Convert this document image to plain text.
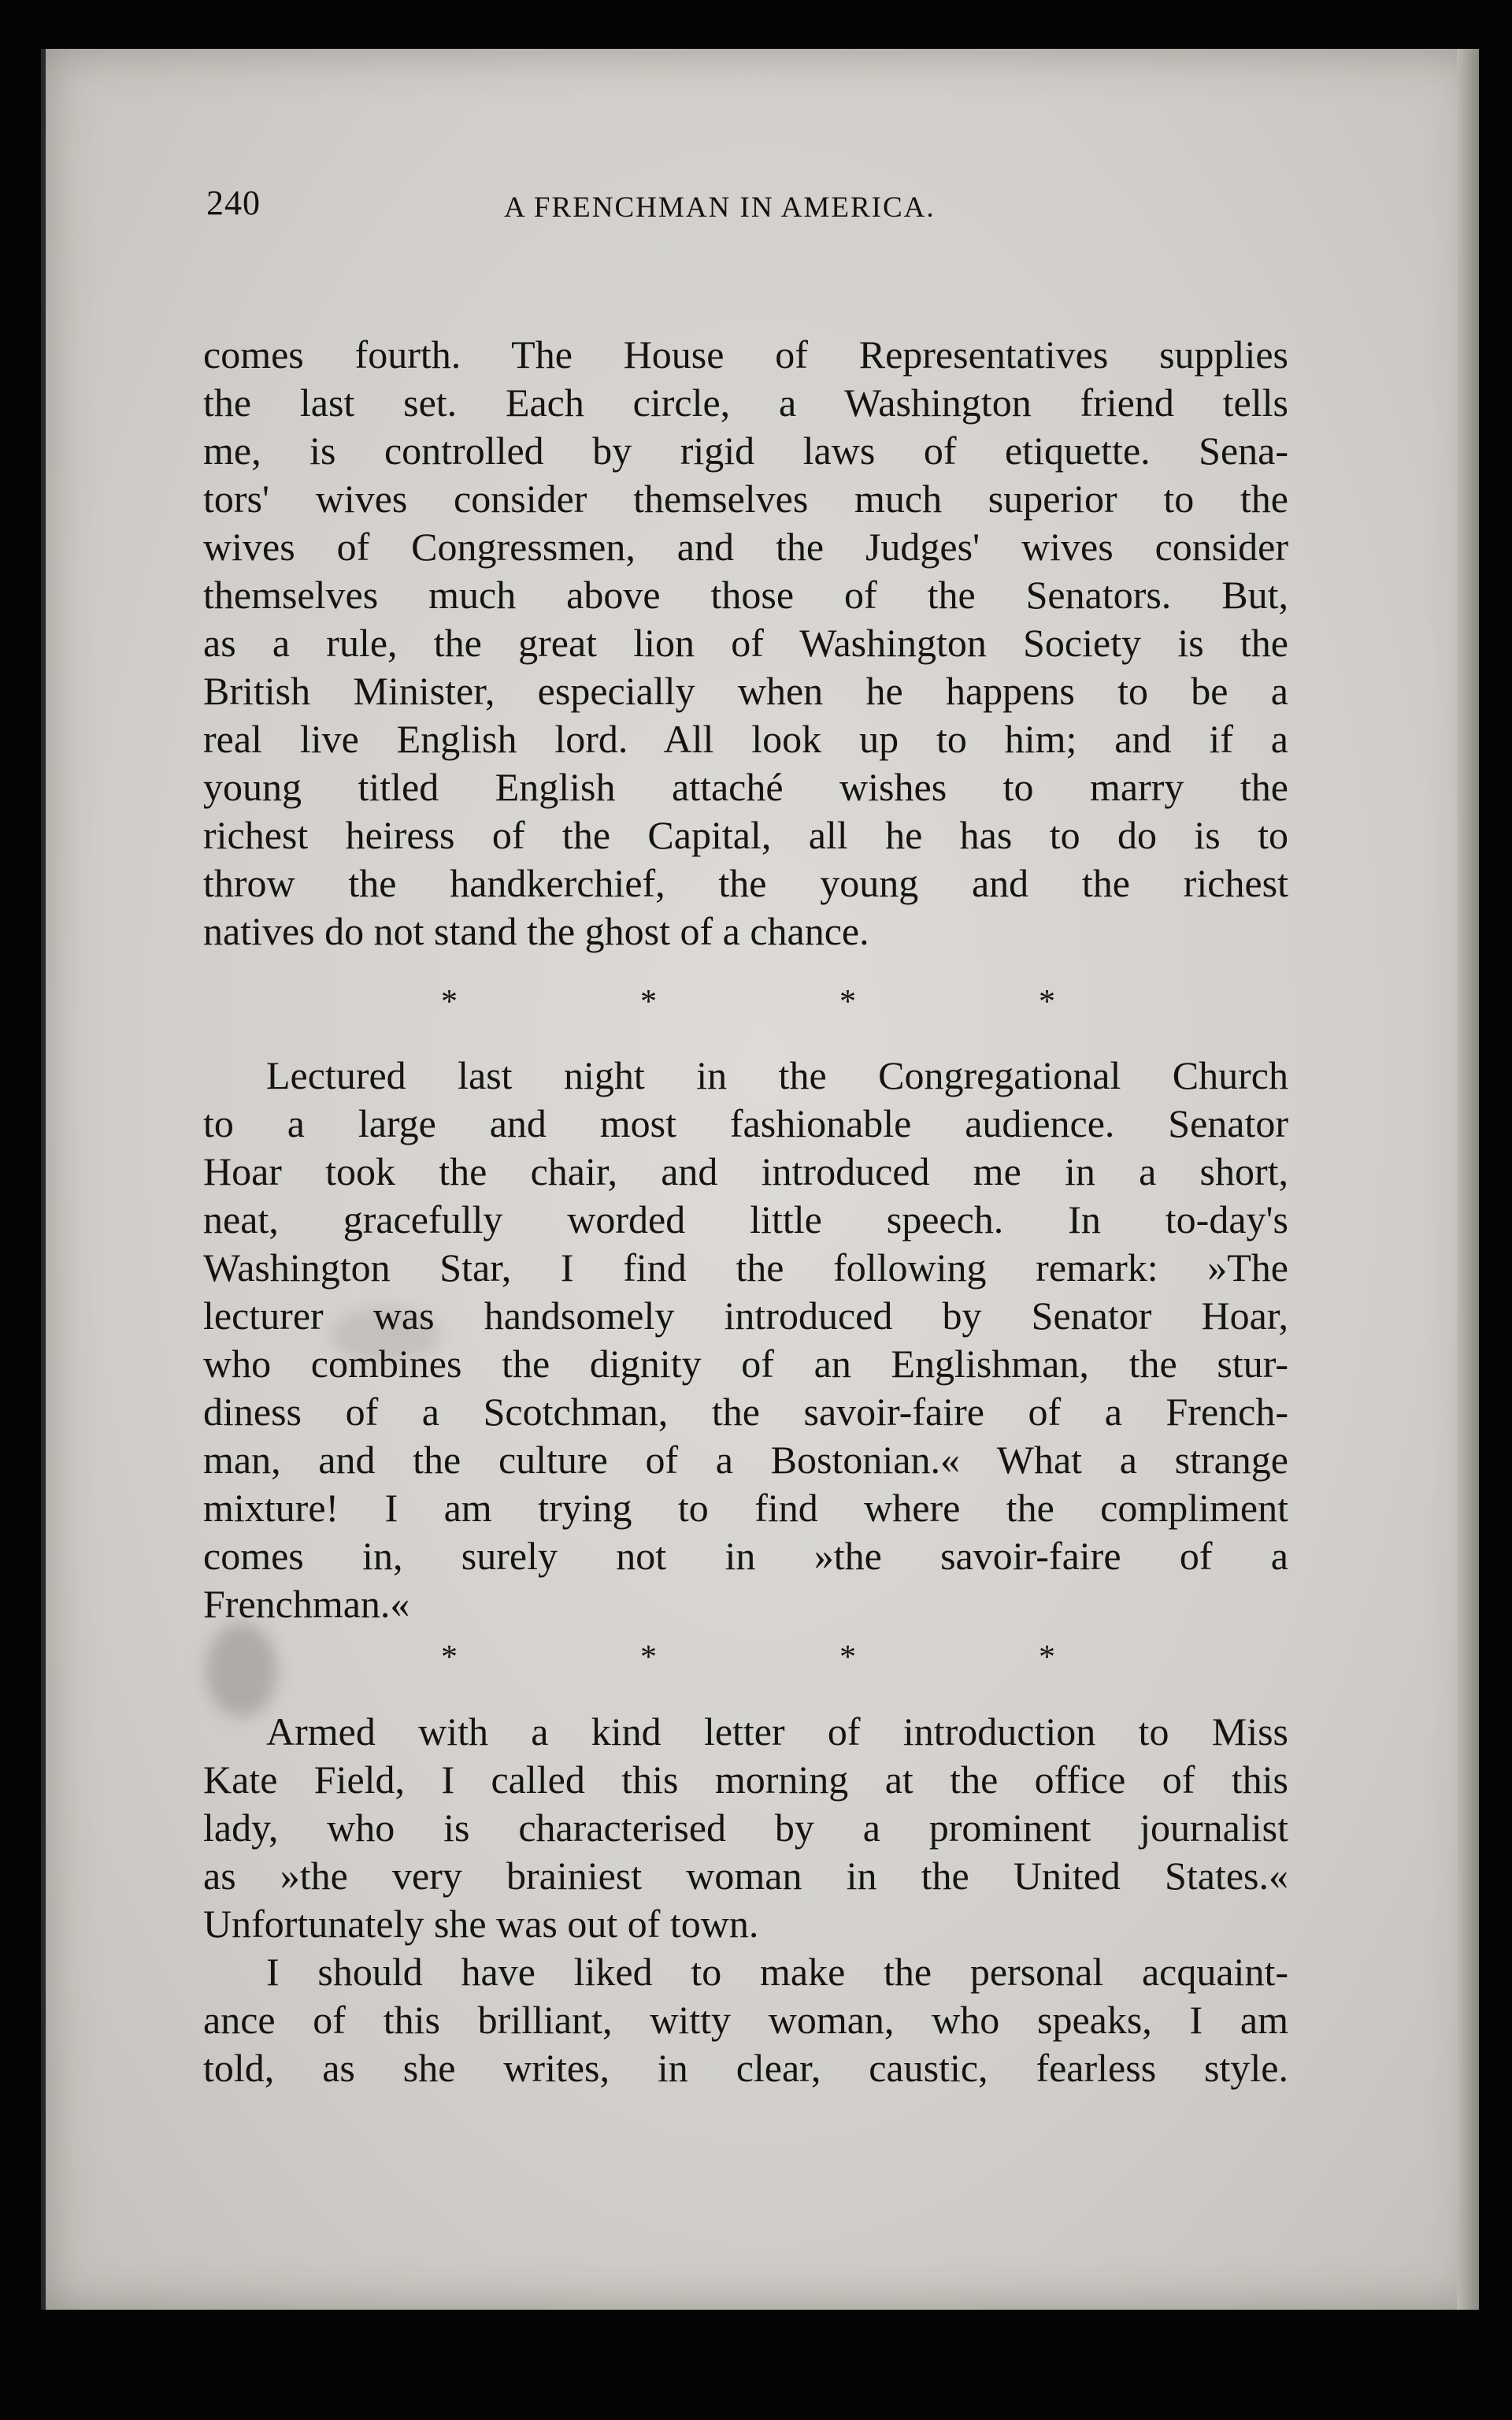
240	A FRENCHMAN IN AMERICA.
comes fourth. The House of Representatives supplies
the last set. Each circle, a Washington friend tells
me, is controlled by rigid laws of etiquette. Sena-
tors' wives consider themselves much superior to the
wives of Congressmen, and the Judges' wives consider
themselves much above those of the Senators. But,
as a rule, the great lion of Washington Society is the
British Minister, especially when he happens to be a
real live English lord. All look up to him; and if a
young titled English attaché wishes to marry the
richest heiress of the Capital, all he has to do is to
throw the handkerchief, the young and the richest
natives do not stand the ghost of a chance.
*	*	*	*
Lectured last night in the Congregational Church
to a large and most fashionable audience. Senator
Hoar took the chair, and introduced me in a short,
neat, gracefully worded little speech. In to-day's
Washington Star, I find the following remark: »The
lecturer was handsomely introduced by Senator Hoar,
who combines the dignity of an Englishman, the stur-
diness of a Scotchman, the savoir-faire of a French-
man, and the culture of a Bostonian.« What a strange
mixture! I am trying to find where the compliment
comes in, surely not in »the savoir-faire of a
Frenchman.«
*	*	*	*
Armed with a kind letter of introduction to Miss
Kate Field, I called this morning at the office of this
lady, who is characterised by a prominent journalist
as »the very brainiest woman in the United States.«
Unfortunately she was out of town.
I should have liked to make the personal acquaint-
ance of this brilliant, witty woman, who speaks, I am
told, as she writes, in clear, caustic, fearless style.
